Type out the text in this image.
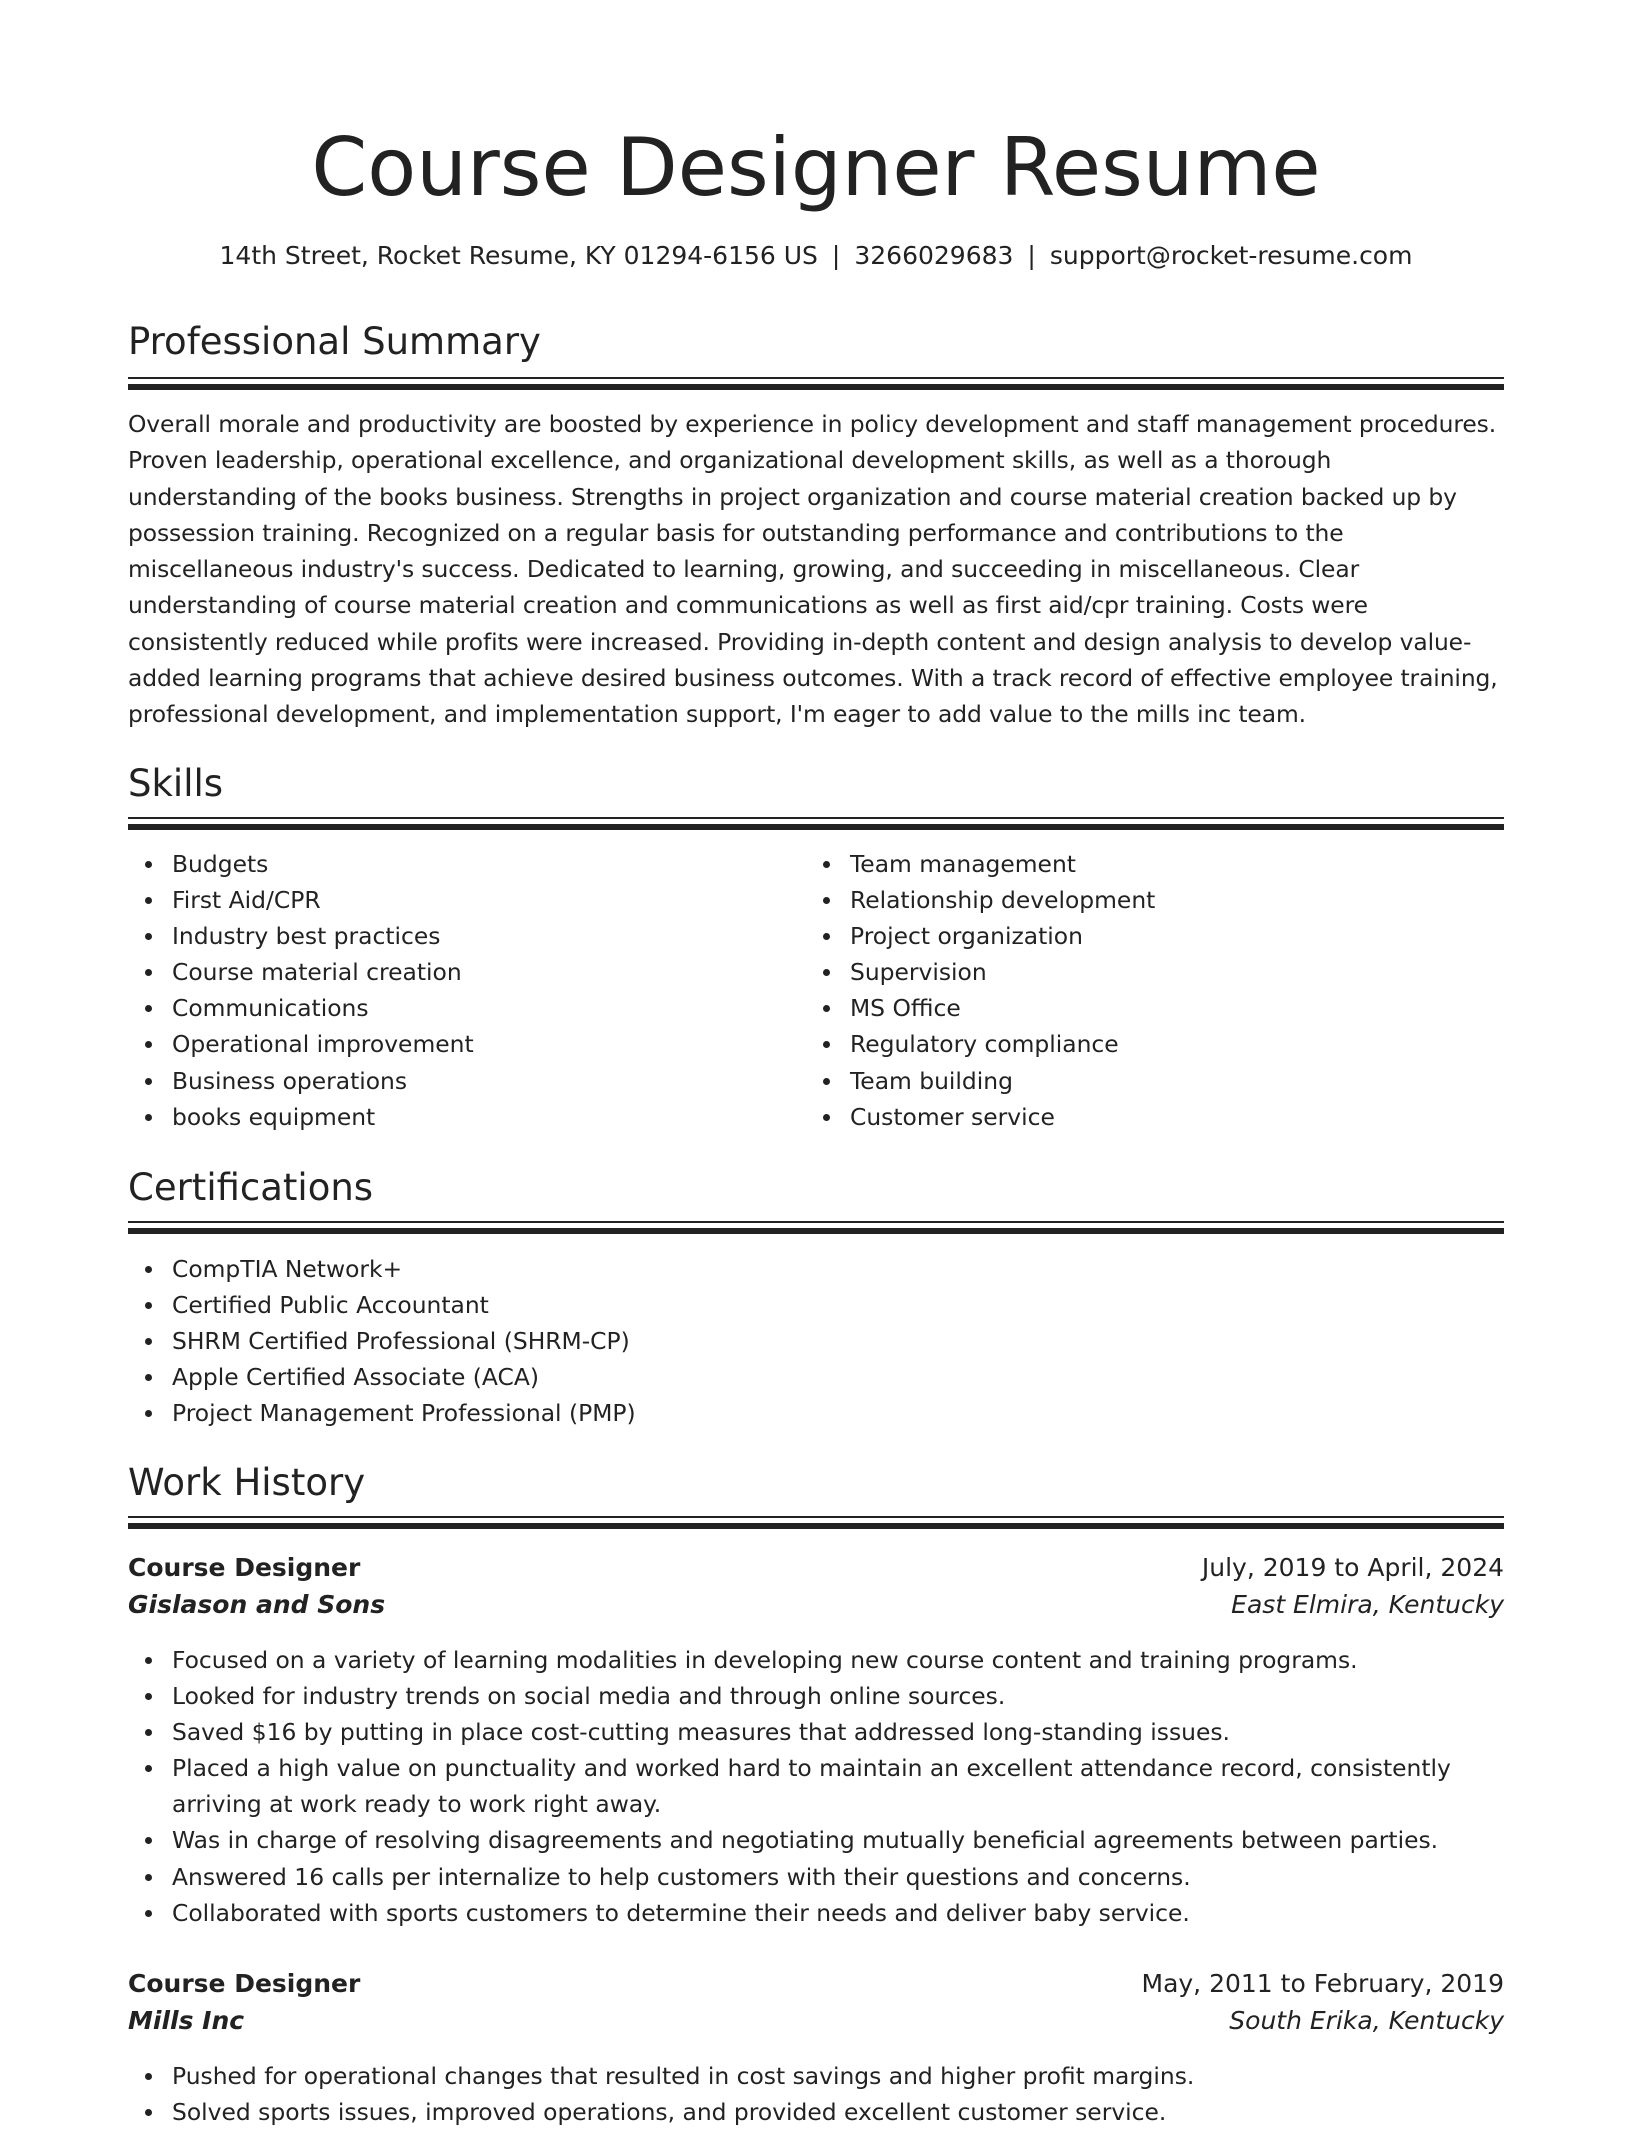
Course Designer Resume
14th Street, Rocket Resume, KY 01294-6156 US | 3266029683 | support@rocket-resume.com
Professional Summary

Overall morale and productivity are boosted by experience in policy development and staff management procedures. Proven leadership, operational excellence, and organizational development skills, as well as a thorough understanding of the books business. Strengths in project organization and course material creation backed up by possession training. Recognized on a regular basis for outstanding performance and contributions to the miscellaneous industry's success. Dedicated to learning, growing, and succeeding in miscellaneous. Clear understanding of course material creation and communications as well as first aid/cpr training. Costs were consistently reduced while profits were increased. Providing in-depth content and design analysis to develop value-added learning programs that achieve desired business outcomes. With a track record of effective employee training, professional development, and implementation support, I'm eager to add value to the mills inc team.

Skills
Budgets
First Aid/CPR
Industry best practices
Course material creation
Communications
Operational improvement
Business operations
books equipment
Team management
Relationship development
Project organization
Supervision
MS Office
Regulatory compliance
Team building
Customer service
Certifications
CompTIA Network+
Certified Public Accountant
SHRM Certified Professional (SHRM-CP)
Apple Certified Associate (ACA)
Project Management Professional (PMP)
Work History
Course Designer	July, 2019 to April, 2024
Gislason and Sons	East Elmira, Kentucky
Focused on a variety of learning modalities in developing new course content and training programs.
Looked for industry trends on social media and through online sources.
Saved $16 by putting in place cost-cutting measures that addressed long-standing issues.
Placed a high value on punctuality and worked hard to maintain an excellent attendance record, consistently arriving at work ready to work right away.
Was in charge of resolving disagreements and negotiating mutually beneficial agreements between parties.
Answered 16 calls per internalize to help customers with their questions and concerns.
Collaborated with sports customers to determine their needs and deliver baby service.
Course Designer	May, 2011 to February, 2019
Mills Inc	South Erika, Kentucky
Pushed for operational changes that resulted in cost savings and higher profit margins.
Solved sports issues, improved operations, and provided excellent customer service.
